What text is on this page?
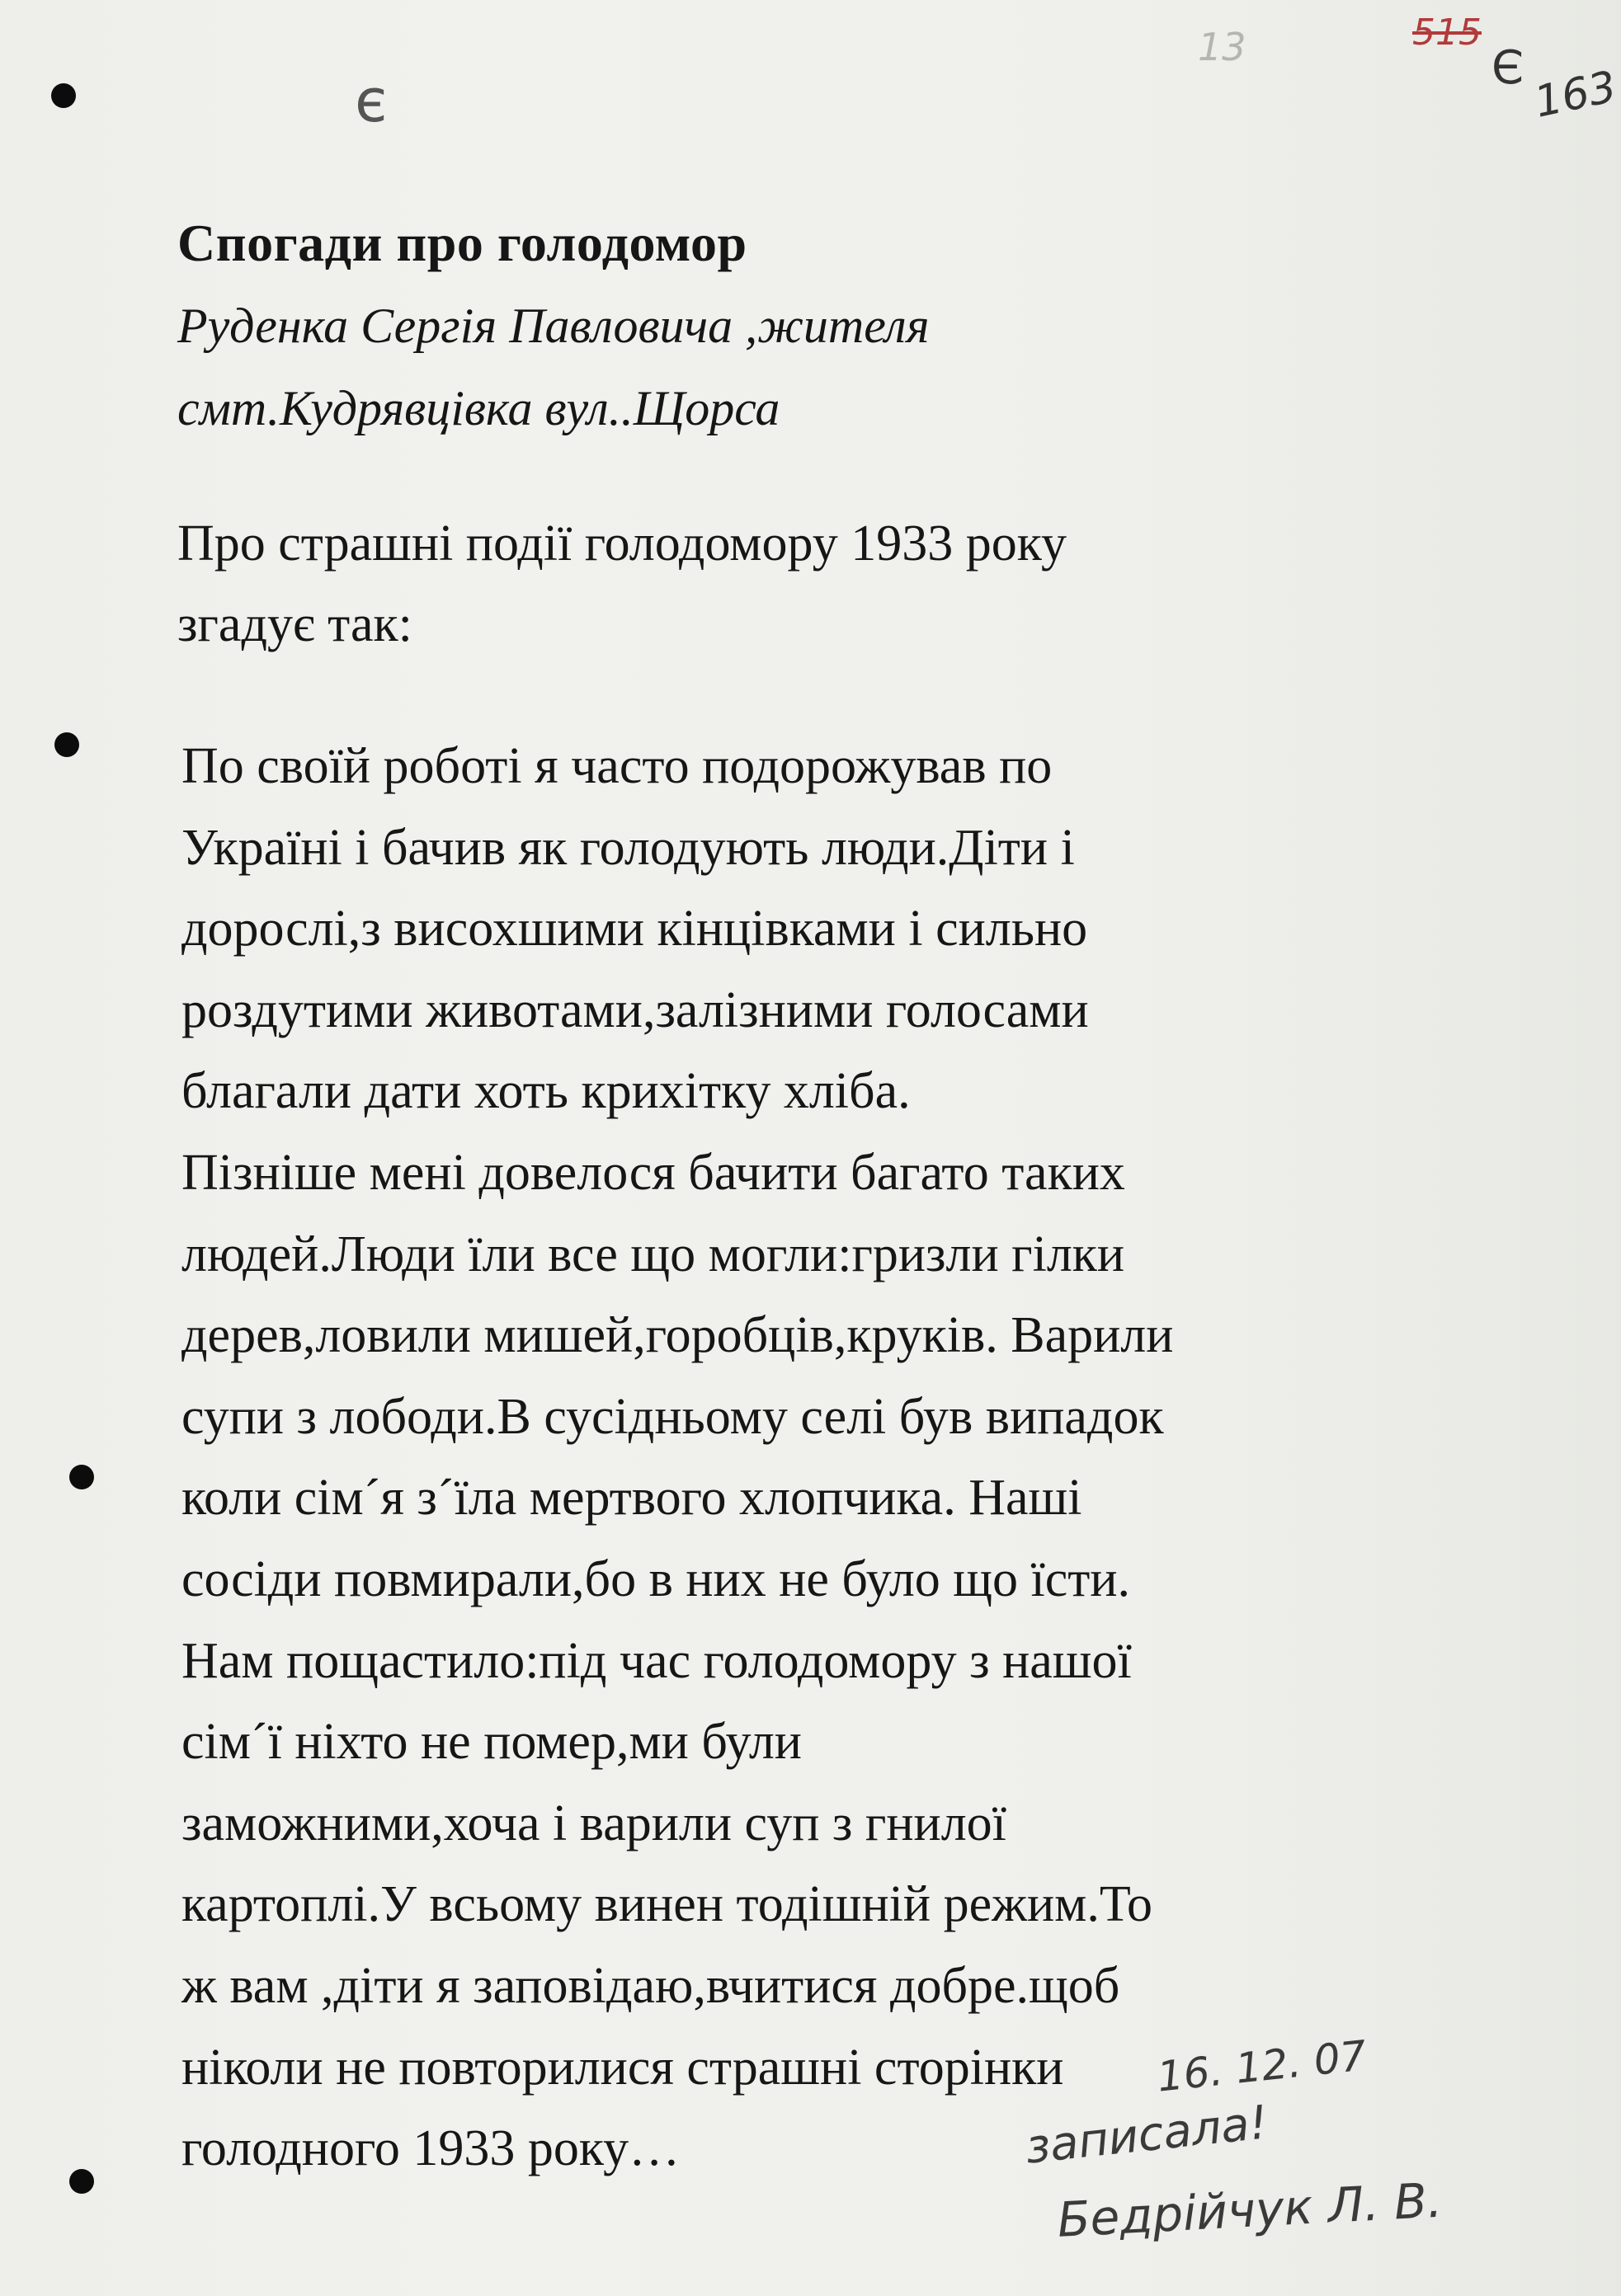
є
13	515
Є 163
Спогади про голодомор
Руденка Сергія Павловича ,жителя
смт.Кудрявцівка вул..Щорса
Про страшні події голодомору 1933 року
згадує так:
По своїй роботі я часто подорожував по
Україні і бачив як голодують люди.Діти і
дорослі,з висохшими кінцівками і сильно
роздутими животами,залізними голосами
благали дати хоть крихітку хліба.
Пізніше мені довелося бачити багато таких
людей.Люди їли все що могли:гризли гілки
дерев,ловили мишей,горобців,круків. Варили
супи з лободи.В сусідньому селі був випадок
коли сім´я з´їла мертвого хлопчика. Наші
сосіди повмирали,бо в них не було що їсти.
Нам пощастило:під час голодомору з нашої
сім´ї ніхто не помер,ми були
заможними,хоча і варили суп з гнилої
картоплі.У всьому винен тодішній режим.То
ж вам ,діти я заповідаю,вчитися добре.щоб
ніколи не повторилися страшні сторінки
голодного 1933 року…
16. 12. 07
записала!
Бедрійчук Л. В.
